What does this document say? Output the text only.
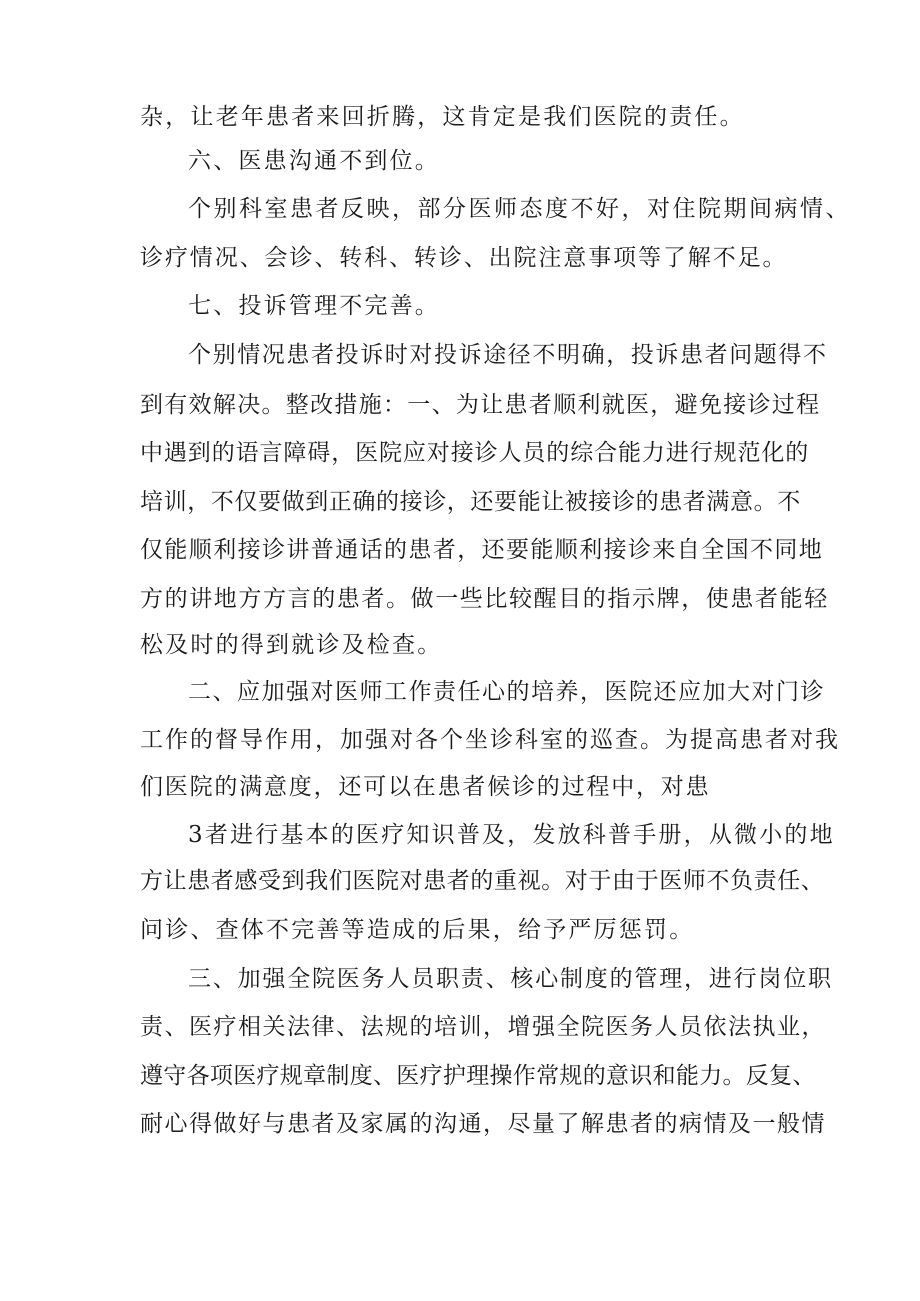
杂，让老年患者来回折腾，这肯定是我们医院的责任。
六、医患沟通不到位。
个别科室患者反映，部分医师态度不好，对住院期间病情、
诊疗情况、会诊、转科、转诊、出院注意事项等了解不足。
七、投诉管理不完善。
个别情况患者投诉时对投诉途径不明确，投诉患者问题得不
到有效解决。整改措施：一、为让患者顺利就医，避免接诊过程
中遇到的语言障碍，医院应对接诊人员的综合能力进行规范化的
培训，不仅要做到正确的接诊，还要能让被接诊的患者满意。不
仅能顺利接诊讲普通话的患者，还要能顺利接诊来自全国不同地
方的讲地方方言的患者。做一些比较醒目的指示牌，使患者能轻
松及时的得到就诊及检查。
二、应加强对医师工作责任心的培养，医院还应加大对门诊
工作的督导作用，加强对各个坐诊科室的巡查。为提高患者对我
们医院的满意度，还可以在患者候诊的过程中，对患
3者进行基本的医疗知识普及，发放科普手册，从微小的地
方让患者感受到我们医院对患者的重视。对于由于医师不负责任、
问诊、查体不完善等造成的后果，给予严厉惩罚。
三、加强全院医务人员职责、核心制度的管理，进行岗位职
责、医疗相关法律、法规的培训，增强全院医务人员依法执业，
遵守各项医疗规章制度、医疗护理操作常规的意识和能力。反复、
耐心得做好与患者及家属的沟通，尽量了解患者的病情及一般情
